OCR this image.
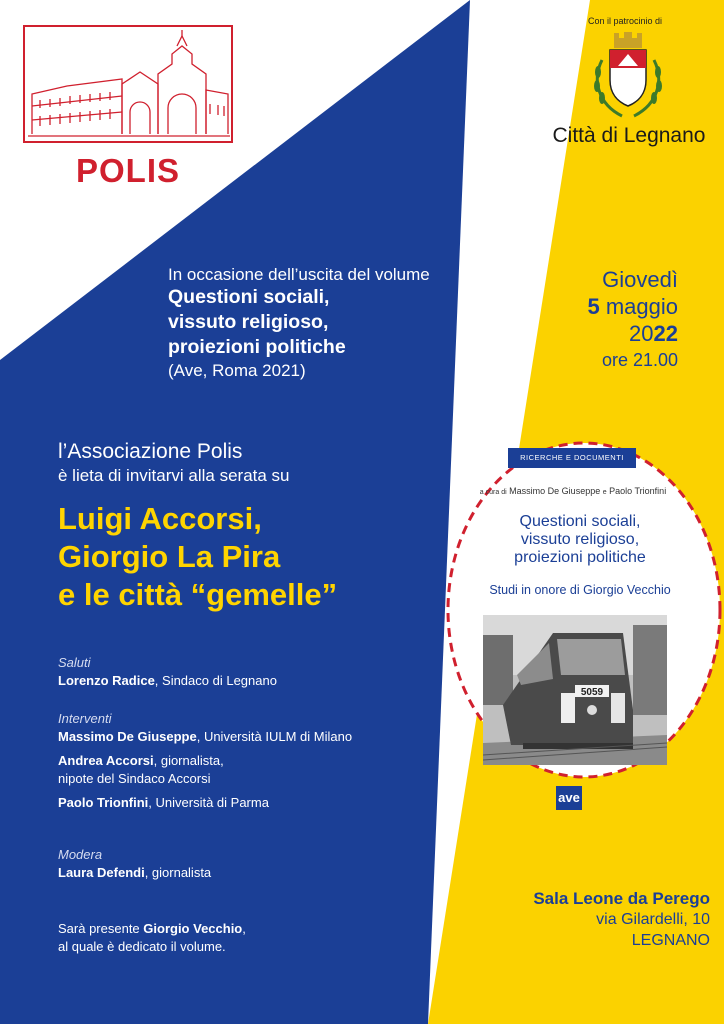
POLIS
Con il patrocinio di
Città di Legnano
In occasione dell’uscita del volume
Questioni sociali,
vissuto religioso,
proiezioni politiche
(Ave, Roma 2021)
Giovedì
5 maggio
2022
ore 21.00
l’Associazione Polis
è lieta di invitarvi alla serata su
Luigi Accorsi,
Giorgio La Pira
e le città “gemelle”
Saluti
Lorenzo Radice, Sindaco di Legnano
Interventi
Massimo De Giuseppe, Università IULM di Milano
Andrea Accorsi, giornalista,
nipote del Sindaco Accorsi
Paolo Trionfini, Università di Parma
Modera
Laura Defendi, giornalista
Sarà presente Giorgio Vecchio,
al quale è dedicato il volume.
RICERCHE E DOCUMENTI
a cura di Massimo De Giuseppe e Paolo Trionfini
Questioni sociali,
vissuto religioso,
proiezioni politiche
Studi in onore di Giorgio Vecchio
5059
ave
Sala Leone da Perego
via Gilardelli, 10
LEGNANO
